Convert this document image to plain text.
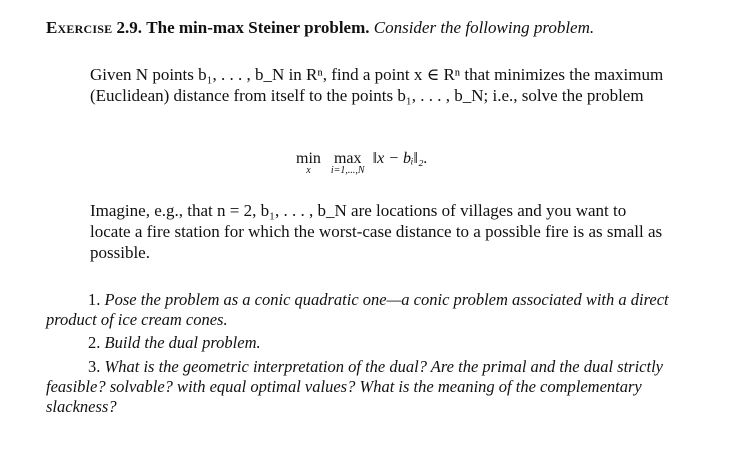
Exercise 2.9. The min-max Steiner problem. Consider the following problem.
Given N points b₁, . . . , b_N in Rⁿ, find a point x ∈ Rⁿ that minimizes the maximum (Euclidean) distance from itself to the points b₁, . . . , b_N; i.e., solve the problem
min
x
max
i=1,...,N
‖x − bᵢ‖₂.
Imagine, e.g., that n = 2, b₁, . . . , b_N are locations of villages and you want to locate a fire station for which the worst-case distance to a possible fire is as small as possible.
1. Pose the problem as a conic quadratic one—a conic problem associated with a direct product of ice cream cones.
2. Build the dual problem.
3. What is the geometric interpretation of the dual? Are the primal and the dual strictly feasible? solvable? with equal optimal values? What is the meaning of the complementary slackness?
